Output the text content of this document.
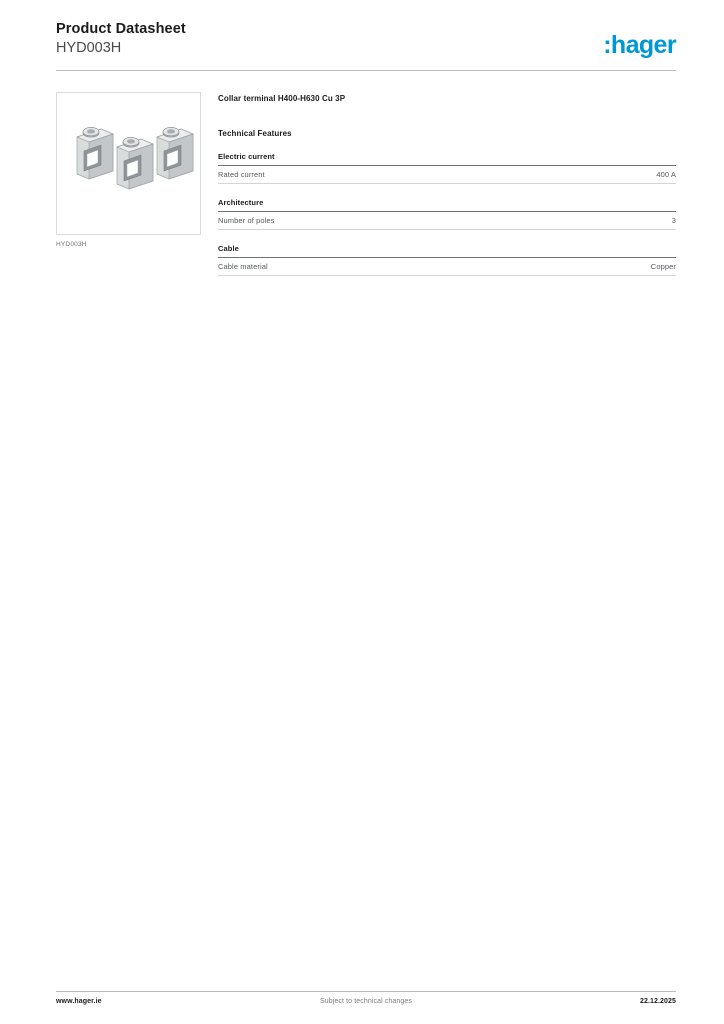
Product Datasheet
HYD003H	:hager
HYD003H
Collar terminal H400-H630 Cu 3P
Technical Features
Electric current
Rated current	400 A
Architecture
Number of poles	3
Cable
Cable material	Copper
www.hager.ie	Subject to technical changes	22.12.2025
